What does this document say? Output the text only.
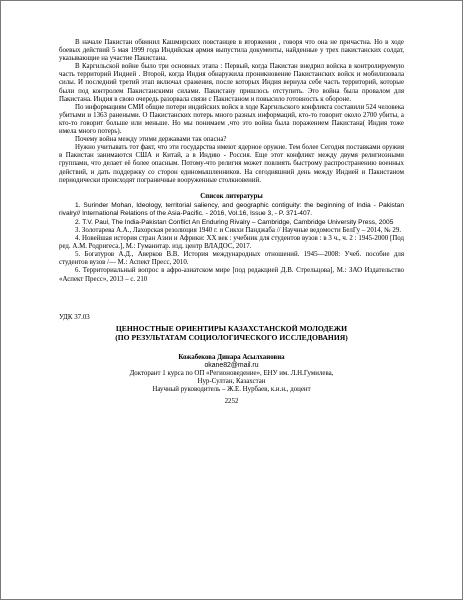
В начале Пакистан обвинил Кашмирских повстанцев в вторжении , говоря что она не причастна. Но в ходе боевых действий 5 мая 1999 года Индийская армия выпустила документы, найденные у трех пакистанских солдат, указывающие на участие Пакистана.

В Каргильской войне было три основных этапа : Первый, когда Пакистан внедрил войска в контролируемую часть территорий Индией . Второй, когда Индия обнаружила проникновение Пакистанских войск и мобилизовала силы. И последний третий этап включал сражения, после которых Индия вернула себе часть территорий, которые были под контролем Пакистанскими силами. Пакистану пришлось отступить. Это война была провалом для Пакистана. Индия в свою очередь разорвала связи с Пакистаном и повысило готовность к обороне.

По информациям СМИ общие потери индийских войск в ходе Каргильского конфликта составили 524 человека убитыми и 1363 ранеными. О Пакистанских потерь много разных информаций, кто-то говорит около 2700 убиты, а кто-то говорит больше или меньше. Но мы понимаем ,что это война была поражением Пакистана( Индия тоже имела много потерь).

Почему война между этими державами так опасна?

Нужно учитывать тот факт, что эти государства имеют ядерное оружие. Тем более Сегодня поставками оружия в Пакистан занимаются США и Китай, а в Индию - Россия. Еще этот конфликт между двумя религиозными группами, что делает её более опасным. Потому-что религия может повлиять быстрому распространению военных действий, и дать поддержку со сторон единомышленников. На сегодняшний день между Индией и Пакистаном периодически происходят пограничные вооруженные столкновений.

Список литературы

1. Surinder Mohan, Ideology, territorial saliency, and geographic contiguity: the beginning of India - Pakistan rivalry// International Relations of the Asia-Pacific. - 2016, Vol.16, Issue 3, - P. 371-407.

2. T.V. Paul, The India-Pakistan Conflict An Enduring Rivalry – Cambridge, Cambridge University Press, 2005

3. Золотарева А.А., Лахорская резолюция 1940 г. и Сикхи Панджаба // Научные ведомости БелГу – 2014, № 29.

4. Новейшая история стран Азии и Африки: XX век : учебник для студентов вузов : в 3 ч., ч. 2 : 1945-2000 [Под ред. А.М. Родригеса.], М.: Гуманитар. изд. центр ВЛАДОС, 2017.

5. Богатуров А.Д., Аверков В.В. История международных отношений. 1945—2008: Учеб. пособие для студентов вузов /— М.: Аспект Пресс, 2010.

6. Территориальный вопрос в афро-азиатском мире [под редакцией Д.В. Стрельцова], М.: ЗАО Издательство «Аспект Пресс», 2013 – с. 210

УДК 37.03

ЦЕННОСТНЫЕ ОРИЕНТИРЫ КАЗАХСТАНСКОЙ МОЛОДЕЖИ
(ПО РЕЗУЛЬТАТАМ СОЦИОЛОГИЧЕСКОГО ИССЛЕДОВАНИЯ)

Кожабекова Динара Асылхановна

okane82@mail.ru

Докторант 1 курса по ОП «Регионоведение», ЕНУ им. Л.Н.Гумилева,

Нур-Султан, Казахстан

Научный руководитель – Ж.Е. Нурбаев, к.и.н., доцент

2252
